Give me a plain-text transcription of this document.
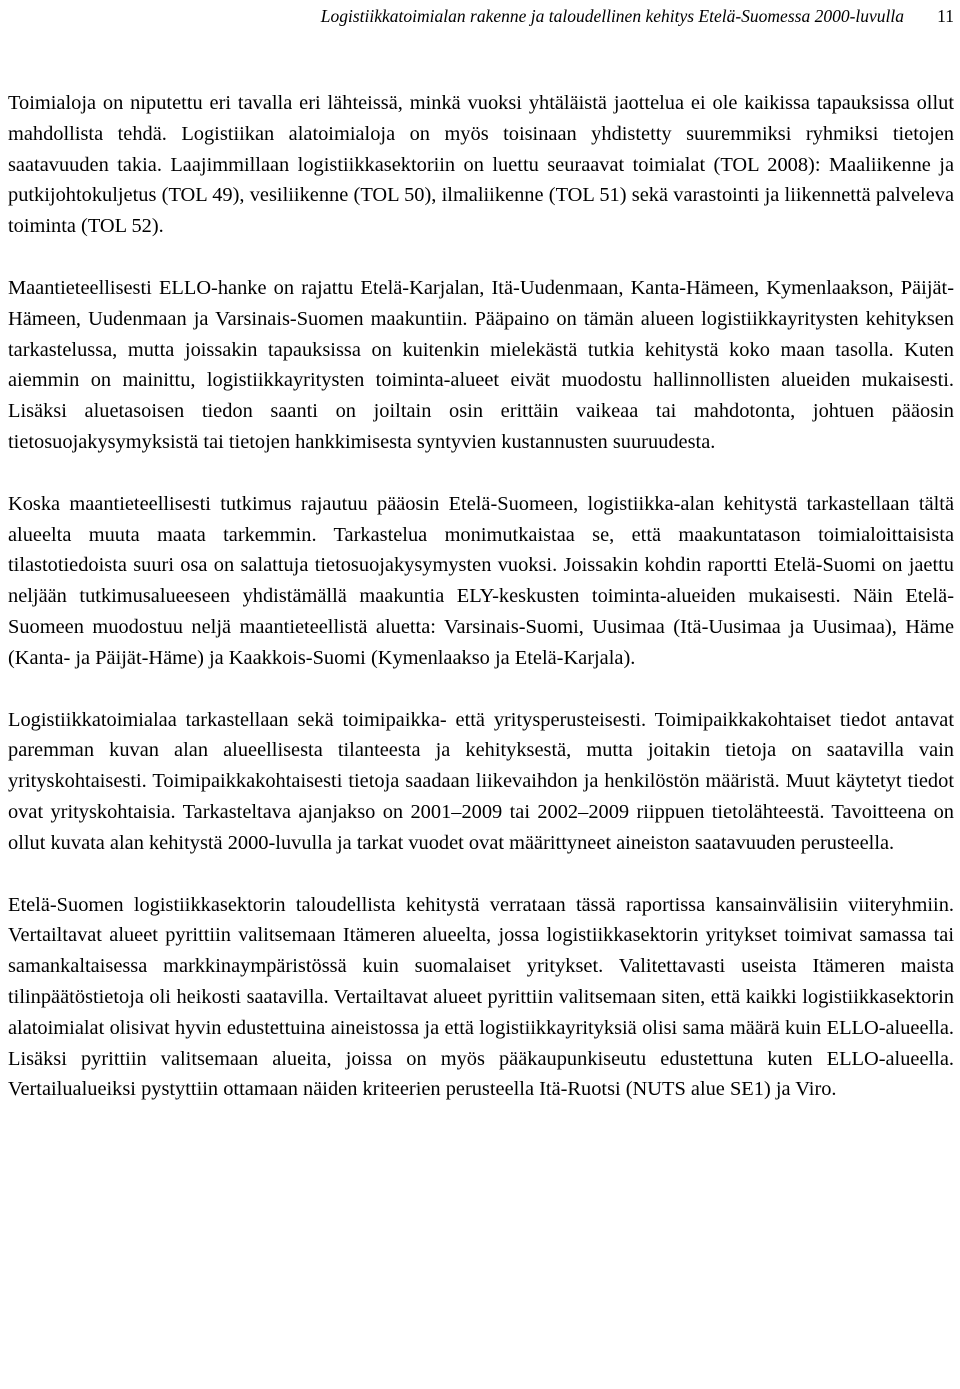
Logistiikkatoimialan rakenne ja taloudellinen kehitys Etelä-Suomessa 2000-luvulla 11

Toimialoja on niputettu eri tavalla eri lähteissä, minkä vuoksi yhtäläistä jaottelua ei ole kaikissa tapauksissa ollut mahdollista tehdä. Logistiikan alatoimialoja on myös toisinaan yhdistetty suuremmiksi ryhmiksi tietojen saatavuuden takia. Laajimmillaan logistiikkasektoriin on luettu seuraavat toimialat (TOL 2008): Maaliikenne ja putkijohtokuljetus (TOL 49), vesiliikenne (TOL 50), ilmaliikenne (TOL 51) sekä varastointi ja liikennettä palveleva toiminta (TOL 52).

Maantieteellisesti ELLO-hanke on rajattu Etelä-Karjalan, Itä-Uudenmaan, Kanta-Hämeen, Kymenlaakson, Päijät-Hämeen, Uudenmaan ja Varsinais-Suomen maakuntiin. Pääpaino on tämän alueen logistiikkayritysten kehityksen tarkastelussa, mutta joissakin tapauksissa on kuitenkin mielekästä tutkia kehitystä koko maan tasolla. Kuten aiemmin on mainittu, logistiikkayritysten toiminta-alueet eivät muodostu hallinnollisten alueiden mukaisesti. Lisäksi aluetasoisen tiedon saanti on joiltain osin erittäin vaikeaa tai mahdotonta, johtuen pääosin tietosuojakysymyksistä tai tietojen hankkimisesta syntyvien kustannusten suuruudesta.

Koska maantieteellisesti tutkimus rajautuu pääosin Etelä-Suomeen, logistiikka-alan kehitystä tarkastellaan tältä alueelta muuta maata tarkemmin. Tarkastelua monimutkaistaa se, että maakuntatason toimialoittaisista tilastotiedoista suuri osa on salattuja tietosuojakysymysten vuoksi. Joissakin kohdin raportti Etelä-Suomi on jaettu neljään tutkimusalueeseen yhdistämällä maakuntia ELY-keskusten toiminta-alueiden mukaisesti. Näin Etelä-Suomeen muodostuu neljä maantieteellistä aluetta: Varsinais-Suomi, Uusimaa (Itä-Uusimaa ja Uusimaa), Häme (Kanta- ja Päijät-Häme) ja Kaakkois-Suomi (Kymenlaakso ja Etelä-Karjala).

Logistiikkatoimialaa tarkastellaan sekä toimipaikka- että yritysperusteisesti. Toimipaikkakohtaiset tiedot antavat paremman kuvan alan alueellisesta tilanteesta ja kehityksestä, mutta joitakin tietoja on saatavilla vain yrityskohtaisesti. Toimipaikkakohtaisesti tietoja saadaan liikevaihdon ja henkilöstön määristä. Muut käytetyt tiedot ovat yrityskohtaisia. Tarkasteltava ajanjakso on 2001–2009 tai 2002–2009 riippuen tietolähteestä. Tavoitteena on ollut kuvata alan kehitystä 2000-luvulla ja tarkat vuodet ovat määrittyneet aineiston saatavuuden perusteella.

Etelä-Suomen logistiikkasektorin taloudellista kehitystä verrataan tässä raportissa kansainvälisiin viiteryhmiin. Vertailtavat alueet pyrittiin valitsemaan Itämeren alueelta, jossa logistiikkasektorin yritykset toimivat samassa tai samankaltaisessa markkinaympäristössä kuin suomalaiset yritykset. Valitettavasti useista Itämeren maista tilinpäätöstietoja oli heikosti saatavilla. Vertailtavat alueet pyrittiin valitsemaan siten, että kaikki logistiikkasektorin alatoimialat olisivat hyvin edustettuina aineistossa ja että logistiikkayrityksiä olisi sama määrä kuin ELLO-alueella. Lisäksi pyrittiin valitsemaan alueita, joissa on myös pääkaupunkiseutu edustettuna kuten ELLO-alueella. Vertailualueiksi pystyttiin ottamaan näiden kriteerien perusteella Itä-Ruotsi (NUTS alue SE1) ja Viro.
